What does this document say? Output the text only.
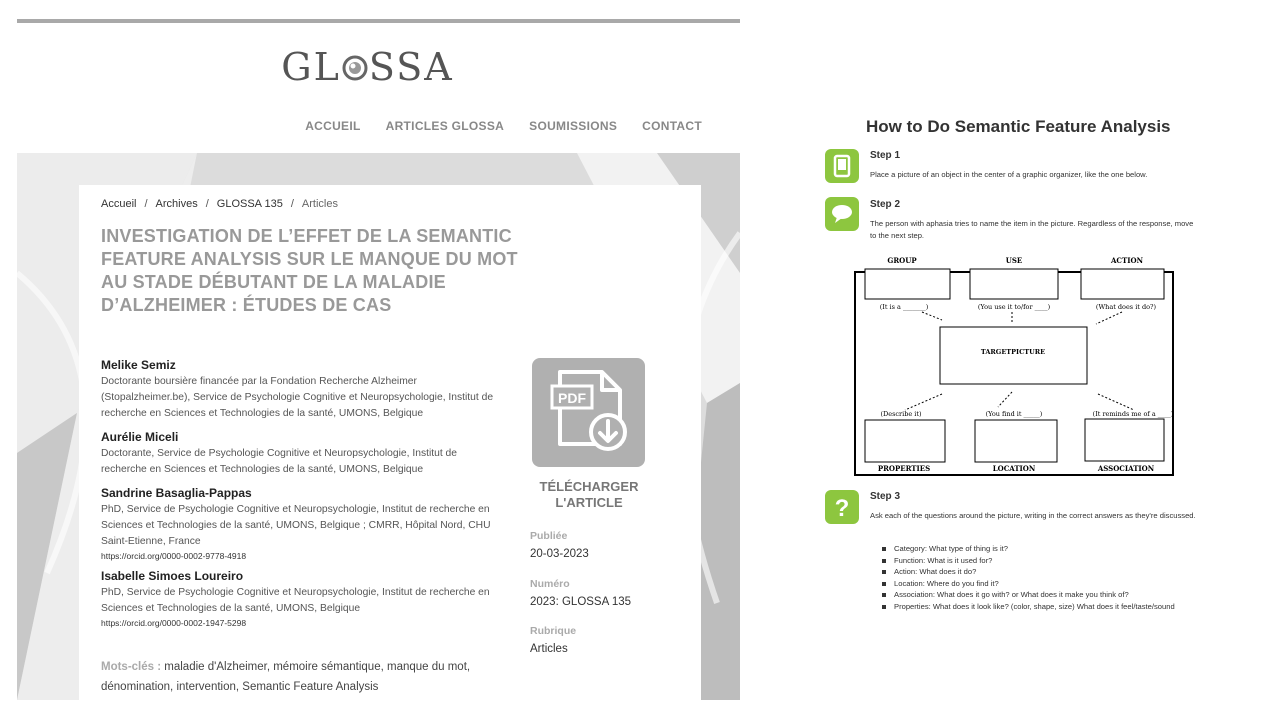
GL SSA
ACCUEIL ARTICLES GLOSSA SOUMISSIONS CONTACT
Accueil / Archives / GLOSSA 135 / Articles
INVESTIGATION DE L’EFFET DE LA SEMANTIC FEATURE ANALYSIS SUR LE MANQUE DU MOT AU STADE DÉBUTANT DE LA MALADIE D’ALZHEIMER : ÉTUDES DE CAS
Melike Semiz
Doctorante boursière financée par la Fondation Recherche Alzheimer (Stopalzheimer.be), Service de Psychologie Cognitive et Neuropsychologie, Institut de recherche en Sciences et Technologies de la santé, UMONS, Belgique
Aurélie Miceli
Doctorante, Service de Psychologie Cognitive et Neuropsychologie, Institut de recherche en Sciences et Technologies de la santé, UMONS, Belgique
Sandrine Basaglia-Pappas
PhD, Service de Psychologie Cognitive et Neuropsychologie, Institut de recherche en Sciences et Technologies de la santé, UMONS, Belgique ; CMRR, Hôpital Nord, CHU Saint-Etienne, France
https://orcid.org/0000-0002-9778-4918
Isabelle Simoes Loureiro
PhD, Service de Psychologie Cognitive et Neuropsychologie, Institut de recherche en Sciences et Technologies de la santé, UMONS, Belgique
https://orcid.org/0000-0002-1947-5298
Mots-clés : maladie d'Alzheimer, mémoire sémantique, manque du mot, dénomination, intervention, Semantic Feature Analysis
PDF
TÉLÉCHARGER L'ARTICLE
Publiée
20-03-2023
Numéro
2023: GLOSSA 135
Rubrique
Articles
How to Do Semantic Feature Analysis
Step 1
Place a picture of an object in the center of a graphic organizer, like the one below.
Step 2
The person with aphasia tries to name the item in the picture. Regardless of the response, move to the next step.
GROUP	USE	ACTION
(It is a _______)	(You use it to/for ____)	(What does it do?)
TARGETPICTURE
(Describe it)	(You find it _____)	(It reminds me of a ____)
PROPERTIES	LOCATION	ASSOCIATION
? Step 3
Ask each of the questions around the picture, writing in the correct answers as they're discussed.
Category: What type of thing is it?
Function: What is it used for?
Action: What does it do?
Location: Where do you find it?
Association: What does it go with? or What does it make you think of?
Properties: What does it look like? (color, shape, size) What does it feel/taste/sound
